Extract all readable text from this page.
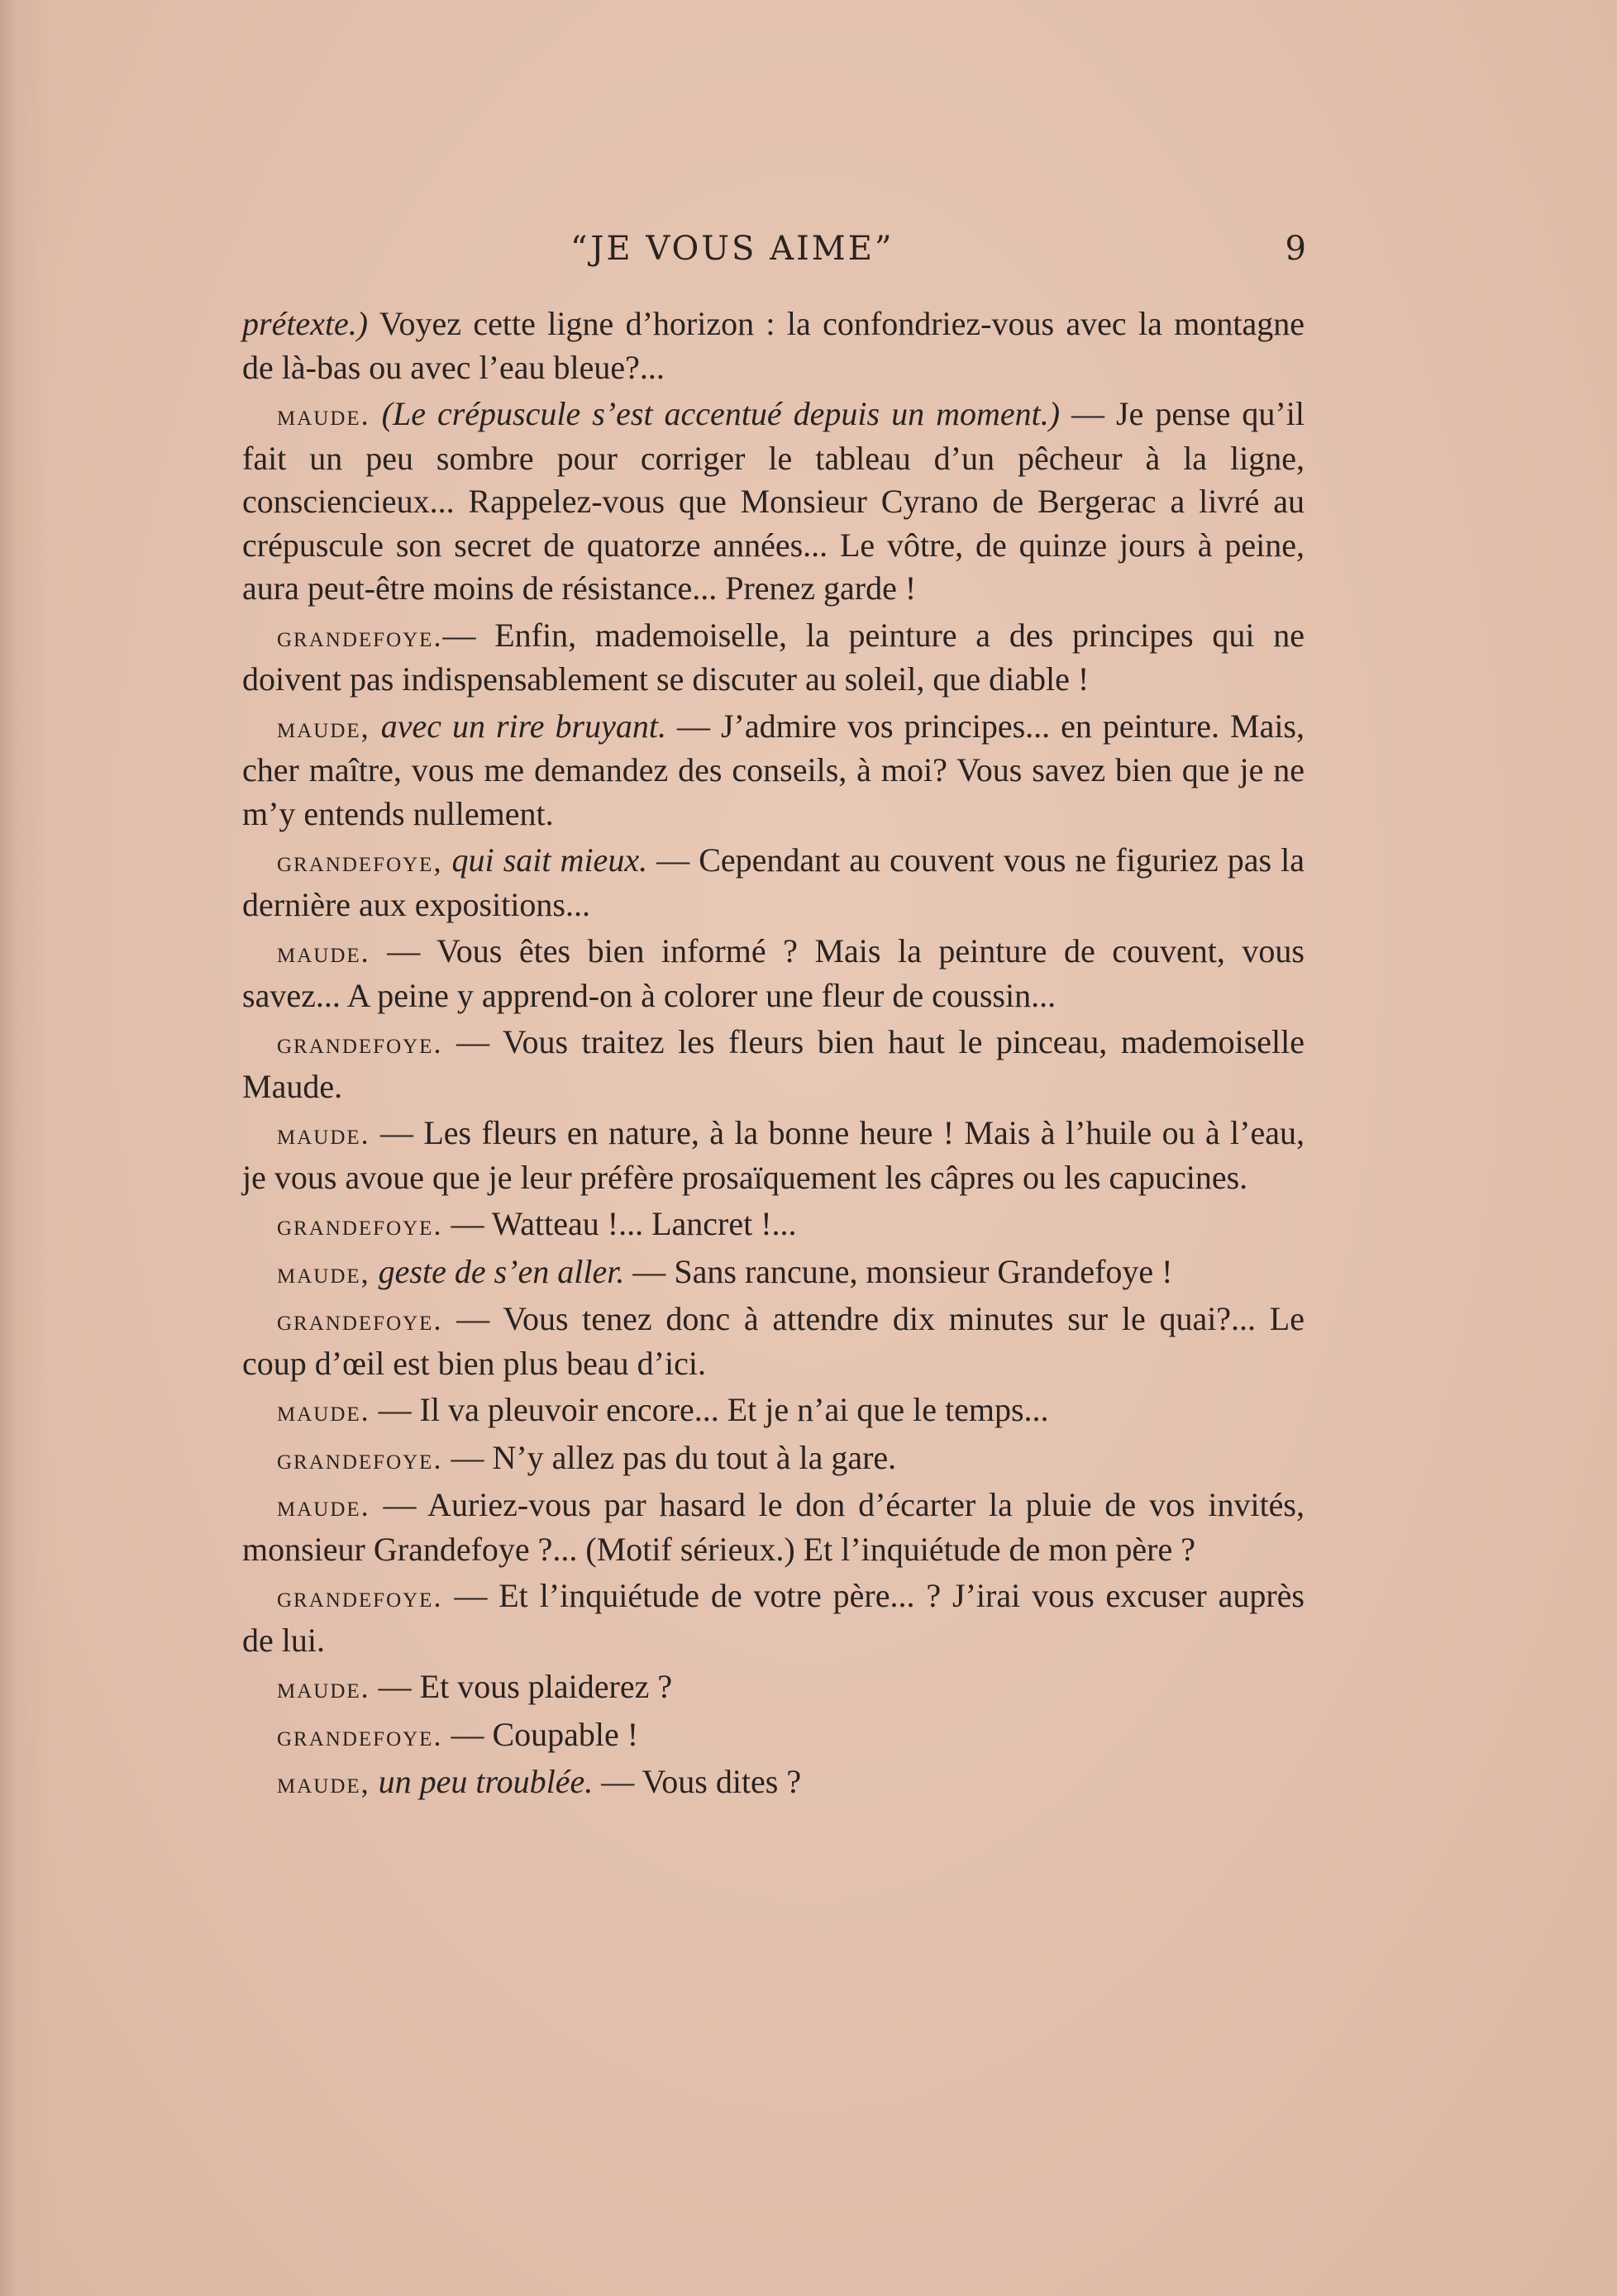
“JE VOUS AIME”	9

prétexte.) Voyez cette ligne d’horizon : la confondriez-vous avec la montagne de là-bas ou avec l’eau bleue?...

maude. (Le crépuscule s’est accentué depuis un moment.) — Je pense qu’il fait un peu sombre pour corriger le tableau d’un pêcheur à la ligne, consciencieux... Rappelez-vous que Monsieur Cyrano de Bergerac a livré au crépuscule son secret de quatorze années... Le vôtre, de quinze jours à peine, aura peut-être moins de résistance... Prenez garde !

grandefoye.— Enfin, mademoiselle, la peinture a des principes qui ne doivent pas indispensablement se discuter au soleil, que diable !

maude, avec un rire bruyant. — J’admire vos principes... en peinture. Mais, cher maître, vous me demandez des conseils, à moi? Vous savez bien que je ne m’y entends nullement.

grandefoye, qui sait mieux. — Cependant au couvent vous ne figuriez pas la dernière aux expositions...

maude. — Vous êtes bien informé ? Mais la peinture de couvent, vous savez... A peine y apprend-on à colorer une fleur de coussin...

grandefoye. — Vous traitez les fleurs bien haut le pinceau, mademoiselle Maude.

maude. — Les fleurs en nature, à la bonne heure ! Mais à l’huile ou à l’eau, je vous avoue que je leur préfère prosaïquement les câpres ou les capucines.

grandefoye. — Watteau !... Lancret !...

maude, geste de s’en aller. — Sans rancune, monsieur Grandefoye !

grandefoye. — Vous tenez donc à attendre dix minutes sur le quai?... Le coup d’œil est bien plus beau d’ici.

maude. — Il va pleuvoir encore... Et je n’ai que le temps...

grandefoye. — N’y allez pas du tout à la gare.

maude. — Auriez-vous par hasard le don d’écarter la pluie de vos invités, monsieur Grandefoye ?... (Motif sérieux.) Et l’inquiétude de mon père ?

grandefoye. — Et l’inquiétude de votre père... ? J’irai vous excuser auprès de lui.

maude. — Et vous plaiderez ?

grandefoye. — Coupable !

maude, un peu troublée. — Vous dites ?
